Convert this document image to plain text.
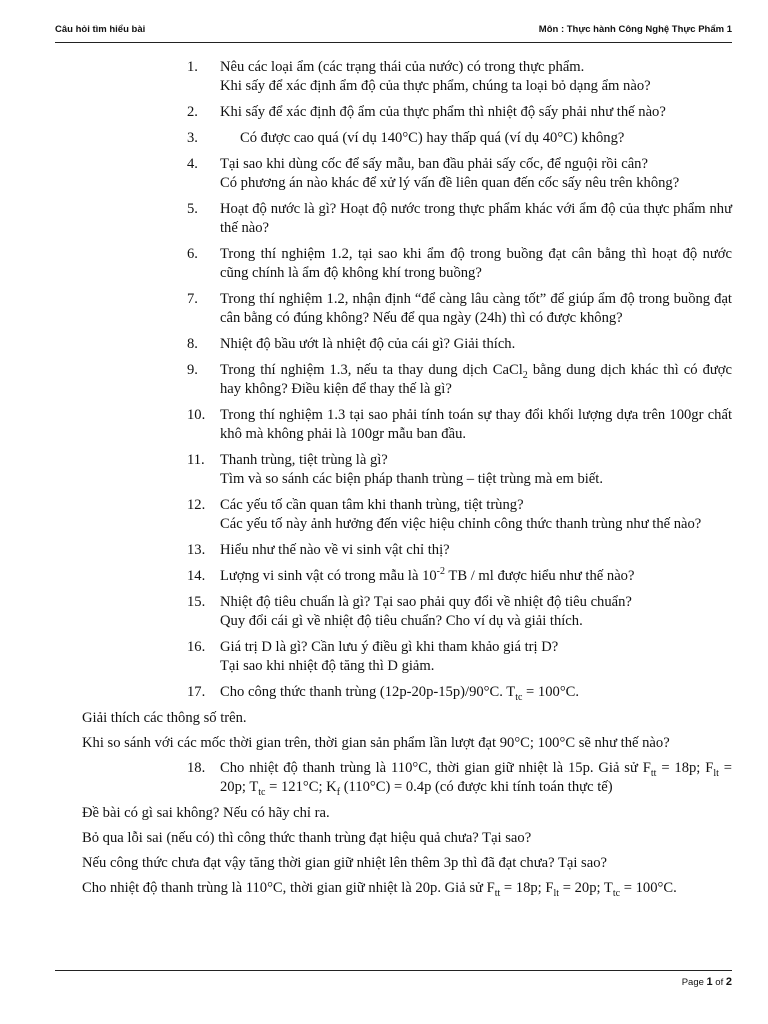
Câu hỏi tìm hiểu bài	Môn : Thực hành Công Nghệ Thực Phẩm 1
1. Nêu các loại ẩm (các trạng thái của nước) có trong thực phẩm.

Khi sấy để xác định ẩm độ của thực phẩm, chúng ta loại bỏ dạng ẩm nào?

2. Khi sấy để xác định độ ẩm của thực phẩm thì nhiệt độ sấy phải như thế nào?

3.	Có được cao quá (ví dụ 140°C) hay thấp quá (ví dụ 40°C) không?

4. Tại sao khi dùng cốc để sấy mẫu, ban đầu phải sấy cốc, để nguội rồi cân?

Có phương án nào khác để xử lý vấn đề liên quan đến cốc sấy nêu trên không?

5. Hoạt độ nước là gì? Hoạt độ nước trong thực phẩm khác với ẩm độ của thực phẩm như thế nào?

6. Trong thí nghiệm 1.2, tại sao khi ẩm độ trong buồng đạt cân bằng thì hoạt độ nước cũng chính là ẩm độ không khí trong buồng?

7. Trong thí nghiệm 1.2, nhận định “để càng lâu càng tốt” để giúp ẩm độ trong buồng đạt cân bằng có đúng không? Nếu để qua ngày (24h) thì có được không?

8. Nhiệt độ bầu ướt là nhiệt độ của cái gì? Giải thích.

9. Trong thí nghiệm 1.3, nếu ta thay dung dịch CaCl$_2$ bằng dung dịch khác thì có được hay không? Điều kiện để thay thế là gì?

10. Trong thí nghiệm 1.3 tại sao phải tính toán sự thay đổi khối lượng dựa trên 100gr chất khô mà không phải là 100gr mẫu ban đầu.

11. Thanh trùng, tiệt trùng là gì?

Tìm và so sánh các biện pháp thanh trùng – tiệt trùng mà em biết.

12. Các yếu tố cần quan tâm khi thanh trùng, tiệt trùng?

Các yếu tố này ảnh hưởng đến việc hiệu chỉnh công thức thanh trùng như thế nào?

13. Hiểu như thế nào về vi sinh vật chỉ thị?

14. Lượng vi sinh vật có trong mẫu là $10^{-2}$ TB / ml được hiểu như thế nào?

15. Nhiệt độ tiêu chuẩn là gì? Tại sao phải quy đổi về nhiệt độ tiêu chuẩn?

Quy đổi cái gì về nhiệt độ tiêu chuẩn? Cho ví dụ và giải thích.

16. Giá trị D là gì? Cần lưu ý điều gì khi tham khảo giá trị D?

Tại sao khi nhiệt độ tăng thì D giảm.

17. Cho công thức thanh trùng (12p-20p-15p)/90°C. $T_{tc} = 100^\circ C$.

Giải thích các thông số trên.

Khi so sánh với các mốc thời gian trên, thời gian sản phẩm lần lượt đạt 90°C; 100°C sẽ như thế nào?

18. Cho nhiệt độ thanh trùng là 110°C, thời gian giữ nhiệt là 15p. Giả sử $F_{tt} = 18p$; $F_{lt} = 20p$; $T_{tc} = 121^\circ C$; $K_f$ (110°C) = 0.4p (có được khi tính toán thực tế)

Đề bài có gì sai không? Nếu có hãy chỉ ra.

Bỏ qua lỗi sai (nếu có) thì công thức thanh trùng đạt hiệu quả chưa? Tại sao?

Nếu công thức chưa đạt vậy tăng thời gian giữ nhiệt lên thêm 3p thì đã đạt chưa? Tại sao?

Cho nhiệt độ thanh trùng là 110°C, thời gian giữ nhiệt là 20p. Giả sử $F_{tt} = 18p$; $F_{lt} = 20p$; $T_{tc} = 100^\circ C$.

Page 1 of 2
